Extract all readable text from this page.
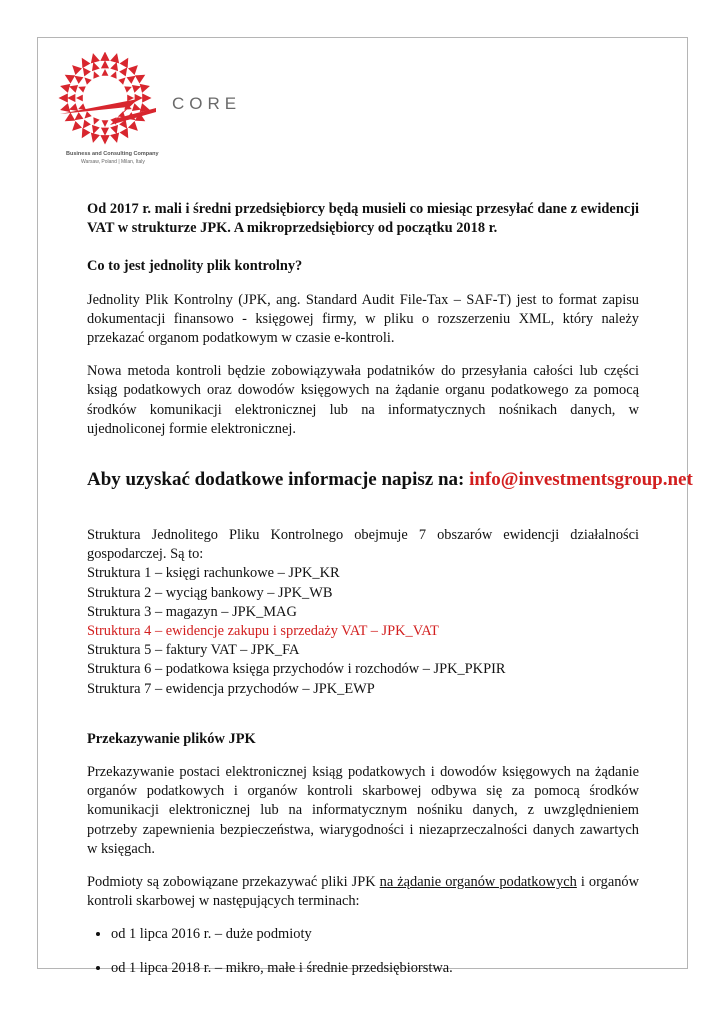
CORE
Business and Consulting Company
Warsaw, Poland | Milan, Italy

Od 2017 r. mali i średni przedsiębiorcy będą musieli co miesiąc przesyłać dane z ewidencji VAT w strukturze JPK. A mikroprzedsiębiorcy od początku 2018 r.

Co to jest jednolity plik kontrolny?

Jednolity Plik Kontrolny (JPK, ang. Standard Audit File-Tax – SAF-T) jest to format zapisu dokumentacji finansowo - księgowej firmy, w pliku o rozszerzeniu XML, który należy przekazać organom podatkowym w czasie e-kontroli.

Nowa metoda kontroli będzie zobowiązywała podatników do przesyłania całości lub części ksiąg podatkowych oraz dowodów księgowych na żądanie organu podatkowego za pomocą środków komunikacji elektronicznej lub na informatycznych nośnikach danych, w ujednoliconej formie elektronicznej.

Aby uzyskać dodatkowe informacje napisz na: info@investmentsgroup.net

Struktura Jednolitego Pliku Kontrolnego obejmuje 7 obszarów ewidencji działalności gospodarczej. Są to:

Struktura 1 – księgi rachunkowe – JPK_KR
Struktura 2 – wyciąg bankowy – JPK_WB
Struktura 3 – magazyn – JPK_MAG
Struktura 4 – ewidencje zakupu i sprzedaży VAT – JPK_VAT
Struktura 5 – faktury VAT – JPK_FA
Struktura 6 – podatkowa księga przychodów i rozchodów – JPK_PKPIR
Struktura 7 – ewidencja przychodów – JPK_EWP

Przekazywanie plików JPK

Przekazywanie postaci elektronicznej ksiąg podatkowych i dowodów księgowych na żądanie organów podatkowych i organów kontroli skarbowej odbywa się za pomocą środków komunikacji elektronicznej lub na informatycznym nośniku danych, z uwzględnieniem potrzeby zapewnienia bezpieczeństwa, wiarygodności i niezaprzeczalności danych zawartych w księgach.

Podmioty są zobowiązane przekazywać pliki JPK na żądanie organów podatkowych i organów kontroli skarbowej w następujących terminach:

• od 1 lipca 2016 r. – duże podmioty
• od 1 lipca 2018 r. – mikro, małe i średnie przedsiębiorstwa.
